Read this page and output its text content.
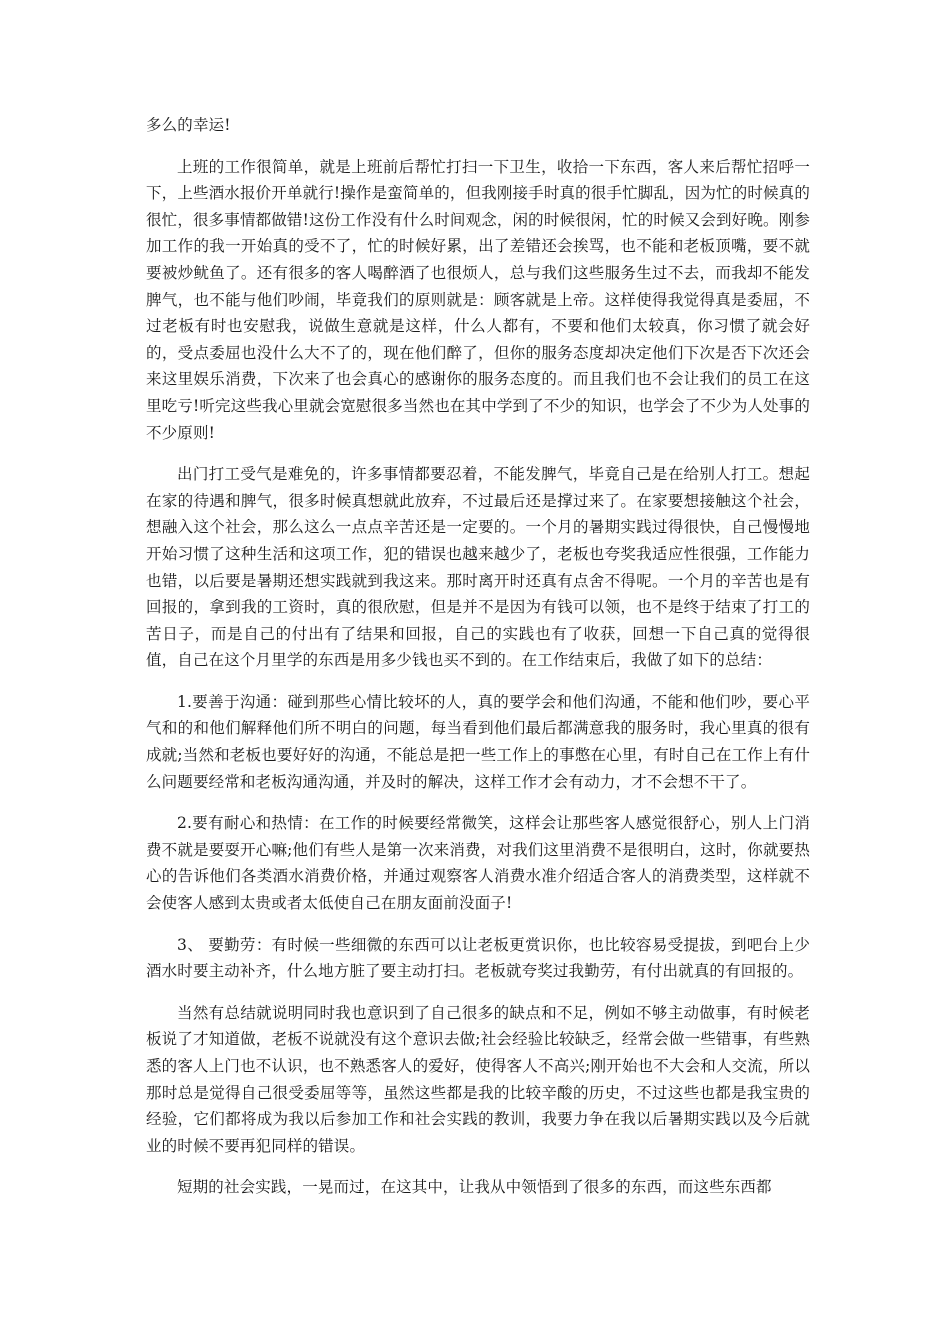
多么的幸运!

上班的工作很简单，就是上班前后帮忙打扫一下卫生，收拾一下东西，客人来后帮忙招呼一下，上些酒水报价开单就行!操作是蛮简单的，但我刚接手时真的很手忙脚乱，因为忙的时候真的很忙，很多事情都做错!这份工作没有什么时间观念，闲的时候很闲，忙的时候又会到好晚。刚参加工作的我一开始真的受不了，忙的时候好累，出了差错还会挨骂，也不能和老板顶嘴，要不就要被炒鱿鱼了。还有很多的客人喝醉酒了也很烦人，总与我们这些服务生过不去，而我却不能发脾气，也不能与他们吵闹，毕竟我们的原则就是：顾客就是上帝。这样使得我觉得真是委屈，不过老板有时也安慰我，说做生意就是这样，什么人都有，不要和他们太较真，你习惯了就会好的，受点委屈也没什么大不了的，现在他们醉了，但你的服务态度却决定他们下次是否下次还会来这里娱乐消费，下次来了也会真心的感谢你的服务态度的。而且我们也不会让我们的员工在这里吃亏!听完这些我心里就会宽慰很多当然也在其中学到了不少的知识，也学会了不少为人处事的不少原则!

出门打工受气是难免的，许多事情都要忍着，不能发脾气，毕竟自己是在给别人打工。想起在家的待遇和脾气，很多时候真想就此放弃，不过最后还是撑过来了。在家要想接触这个社会，想融入这个社会，那么这么一点点辛苦还是一定要的。一个月的暑期实践过得很快，自己慢慢地开始习惯了这种生活和这项工作，犯的错误也越来越少了，老板也夸奖我适应性很强，工作能力也错，以后要是暑期还想实践就到我这来。那时离开时还真有点舍不得呢。一个月的辛苦也是有回报的，拿到我的工资时，真的很欣慰，但是并不是因为有钱可以领，也不是终于结束了打工的苦日子，而是自己的付出有了结果和回报，自己的实践也有了收获，回想一下自己真的觉得很值，自己在这个月里学的东西是用多少钱也买不到的。在工作结束后，我做了如下的总结：

1.要善于沟通：碰到那些心情比较坏的人，真的要学会和他们沟通，不能和他们吵，要心平气和的和他们解释他们所不明白的问题，每当看到他们最后都满意我的服务时，我心里真的很有成就;当然和老板也要好好的沟通，不能总是把一些工作上的事憋在心里，有时自己在工作上有什么问题要经常和老板沟通沟通，并及时的解决，这样工作才会有动力，才不会想不干了。

2.要有耐心和热情：在工作的时候要经常微笑，这样会让那些客人感觉很舒心，别人上门消费不就是要耍开心嘛;他们有些人是第一次来消费，对我们这里消费不是很明白，这时，你就要热心的告诉他们各类酒水消费价格，并通过观察客人消费水准介绍适合客人的消费类型，这样就不会使客人感到太贵或者太低使自己在朋友面前没面子!

3、 要勤劳：有时候一些细微的东西可以让老板更赏识你，也比较容易受提拔，到吧台上少酒水时要主动补齐，什么地方脏了要主动打扫。老板就夸奖过我勤劳，有付出就真的有回报的。

当然有总结就说明同时我也意识到了自己很多的缺点和不足，例如不够主动做事，有时候老板说了才知道做，老板不说就没有这个意识去做;社会经验比较缺乏，经常会做一些错事，有些熟悉的客人上门也不认识，也不熟悉客人的爱好，使得客人不高兴;刚开始也不大会和人交流，所以那时总是觉得自己很受委屈等等，虽然这些都是我的比较辛酸的历史，不过这些也都是我宝贵的经验，它们都将成为我以后参加工作和社会实践的教训，我要力争在我以后暑期实践以及今后就业的时候不要再犯同样的错误。

短期的社会实践，一晃而过，在这其中，让我从中领悟到了很多的东西，而这些东西都
